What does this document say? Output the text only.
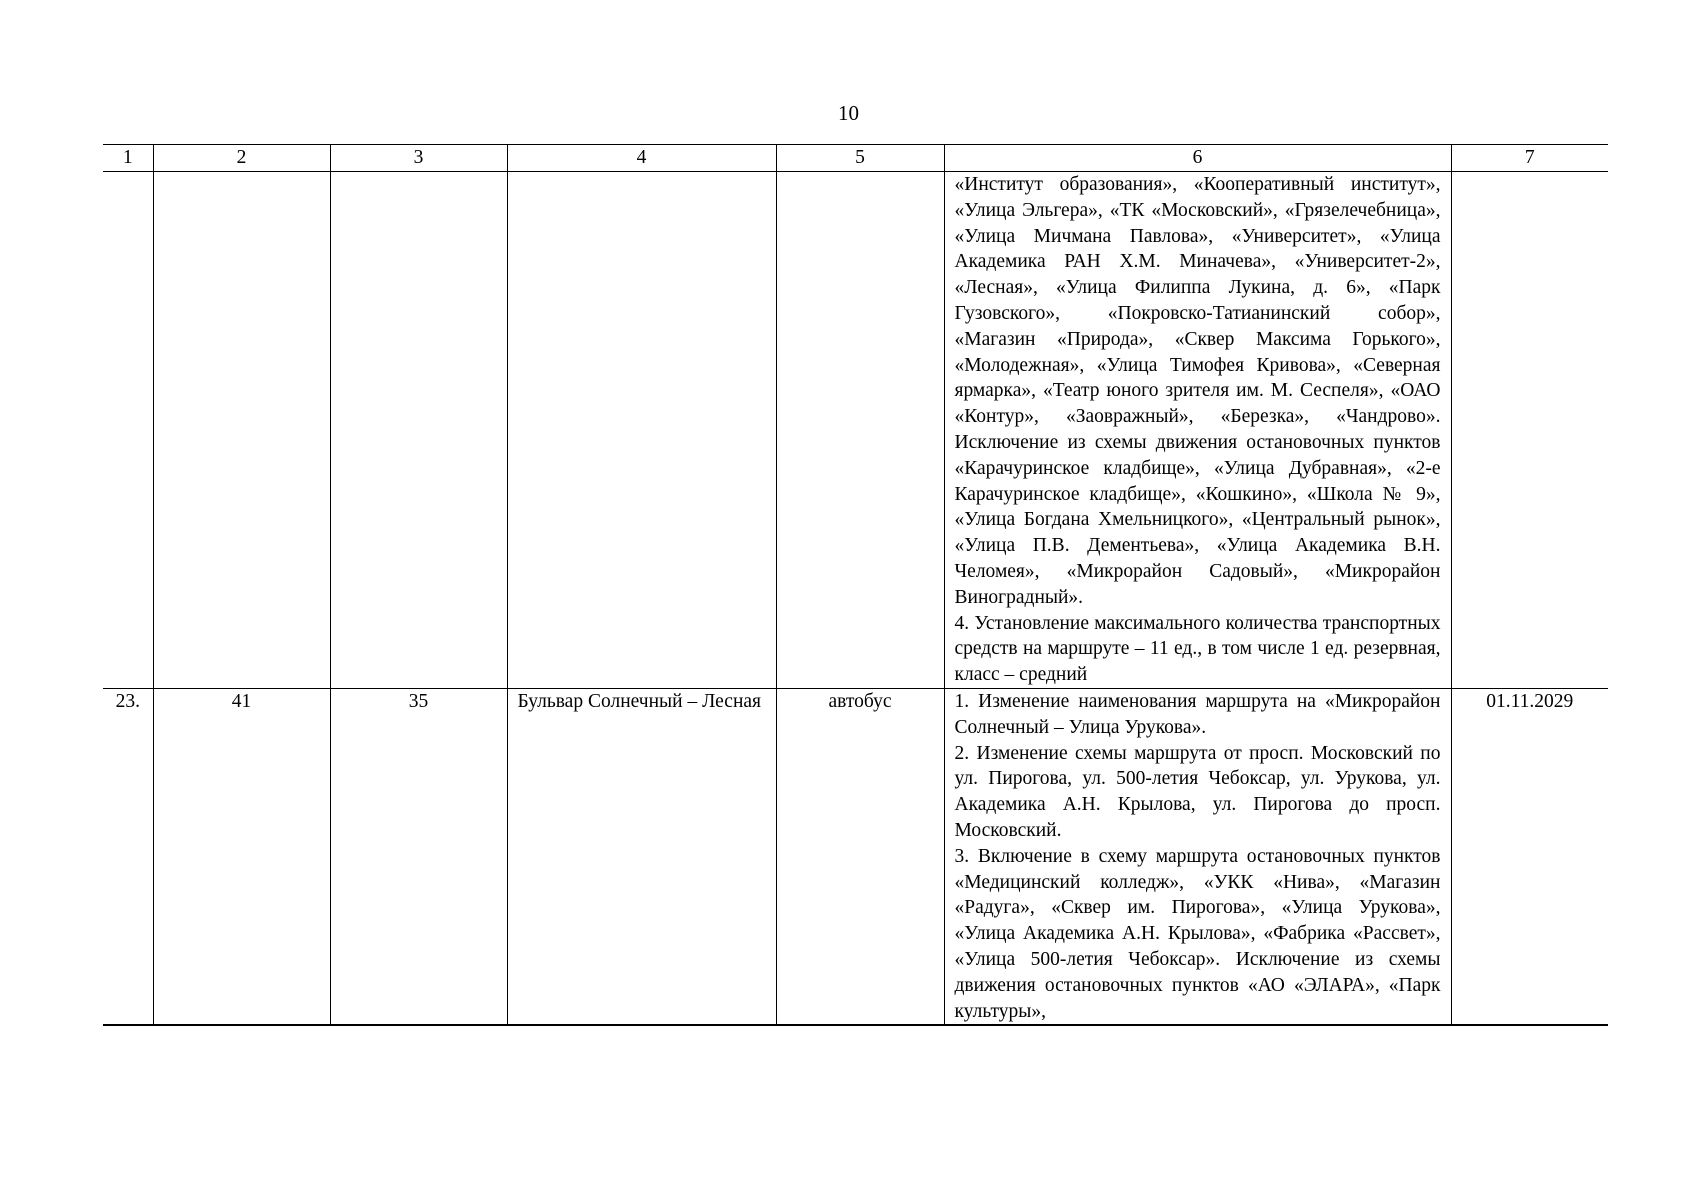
10
1	2	3	4	5	6	7

					«Институт образования», «Кооперативный институт», «Улица Эльгера», «ТК «Московский», «Грязелечебница», «Улица Мичмана Павлова», «Университет», «Улица Академика РАН Х.М. Миначева», «Университет-2», «Лесная», «Улица Филиппа Лукина, д. 6», «Парк Гузовского», «Покровско-Татианинский собор», «Магазин «Природа», «Сквер Максима Горького», «Молодежная», «Улица Тимофея Кривова», «Северная ярмарка», «Театр юного зрителя им. М. Сеспеля», «ОАО «Контур», «Заовражный», «Березка», «Чандрово». Исключение из схемы движения остановочных пунктов «Карачуринское кладбище», «Улица Дубравная», «2-е Карачуринское кладбище», «Кошкино», «Школа № 9», «Улица Богдана Хмельницкого», «Центральный рынок», «Улица П.В. Дементьева», «Улица Академика В.Н. Челомея», «Микрорайон Садовый», «Микрорайон Виноградный».

4. Установление максимального количества транспортных средств на маршруте – 11 ед., в том числе 1 ед. резервная, класс – средний	

23.	41	35	Бульвар Солнечный – Лесная	автобус	1. Изменение наименования маршрута на «Микрорайон Солнечный – Улица Урукова».

2. Изменение схемы маршрута от просп. Московский по ул. Пирогова, ул. 500-летия Чебоксар, ул. Урукова, ул. Академика А.Н. Крылова, ул. Пирогова до просп. Московский.

3. Включение в схему маршрута остановочных пунктов «Медицинский колледж», «УКК «Нива», «Магазин «Радуга», «Сквер им. Пирогова», «Улица Урукова», «Улица Академика А.Н. Крылова», «Фабрика «Рассвет», «Улица 500-летия Чебоксар». Исключение из схемы движения остановочных пунктов «АО «ЭЛАРА», «Парк культуры»,	01.11.2029
